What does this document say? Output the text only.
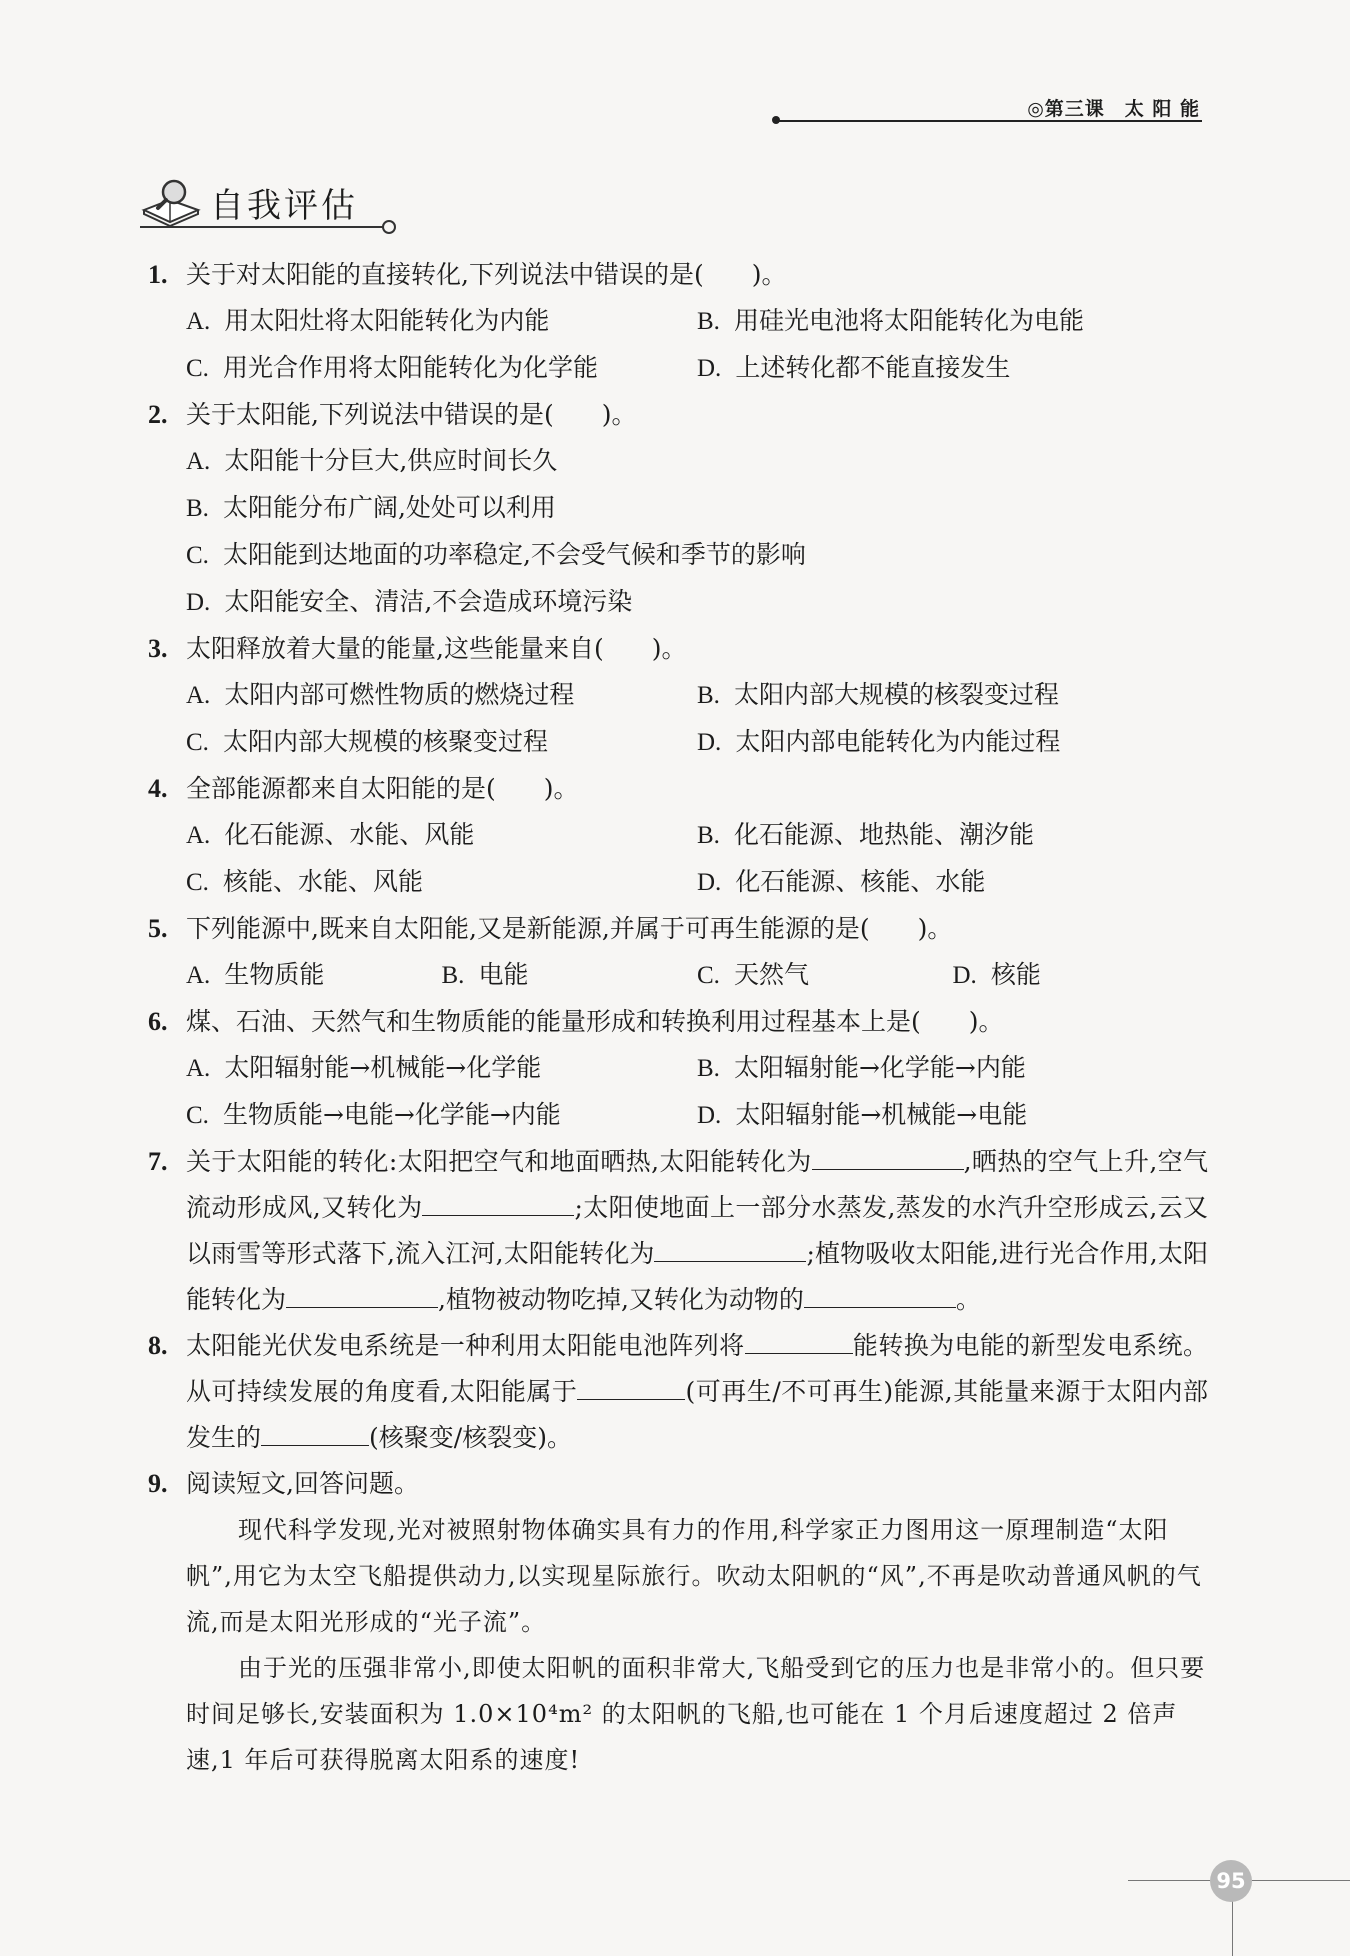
◎第三课　太 阳 能
自我评估
1. 关于对太阳能的直接转化,下列说法中错误的是( )。
A. 用太阳灶将太阳能转化为内能	B. 用硅光电池将太阳能转化为电能
C. 用光合作用将太阳能转化为化学能	D. 上述转化都不能直接发生
2. 关于太阳能,下列说法中错误的是( )。
A. 太阳能十分巨大,供应时间长久
B. 太阳能分布广阔,处处可以利用
C. 太阳能到达地面的功率稳定,不会受气候和季节的影响
D. 太阳能安全、清洁,不会造成环境污染
3. 太阳释放着大量的能量,这些能量来自( )。
A. 太阳内部可燃性物质的燃烧过程	B. 太阳内部大规模的核裂变过程
C. 太阳内部大规模的核聚变过程	D. 太阳内部电能转化为内能过程
4. 全部能源都来自太阳能的是( )。
A. 化石能源、水能、风能	B. 化石能源、地热能、潮汐能
C. 核能、水能、风能	D. 化石能源、核能、水能
5. 下列能源中,既来自太阳能,又是新能源,并属于可再生能源的是( )。
A. 生物质能	B. 电能	C. 天然气	D. 核能
6. 煤、石油、天然气和生物质能的能量形成和转换利用过程基本上是( )。
A. 太阳辐射能→机械能→化学能	B. 太阳辐射能→化学能→内能
C. 生物质能→电能→化学能→内能	D. 太阳辐射能→机械能→电能
7. 关于太阳能的转化:太阳把空气和地面晒热,太阳能转化为	,晒热的空气上升,空气流动形成风,又转化为	;太阳使地面上一部分水蒸发,蒸发的水汽升空形成云,云又以雨雪等形式落下,流入江河,太阳能转化为	;植物吸收太阳能,进行光合作用,太阳能转化为	,植物被动物吃掉,又转化为动物的	。
8. 太阳能光伏发电系统是一种利用太阳能电池阵列将	能转换为电能的新型发电系统。从可持续发展的角度看,太阳能属于	(可再生/不可再生)能源,其能量来源于太阳内部发生的	(核聚变/核裂变)。
9. 阅读短文,回答问题。

现代科学发现,光对被照射物体确实具有力的作用,科学家正力图用这一原理制造“太阳帆”,用它为太空飞船提供动力,以实现星际旅行。吹动太阳帆的“风”,不再是吹动普通风帆的气流,而是太阳光形成的“光子流”。

由于光的压强非常小,即使太阳帆的面积非常大,飞船受到它的压力也是非常小的。但只要时间足够长,安装面积为 1.0×10⁴m² 的太阳帆的飞船,也可能在 1 个月后速度超过 2 倍声速,1 年后可获得脱离太阳系的速度!

95
